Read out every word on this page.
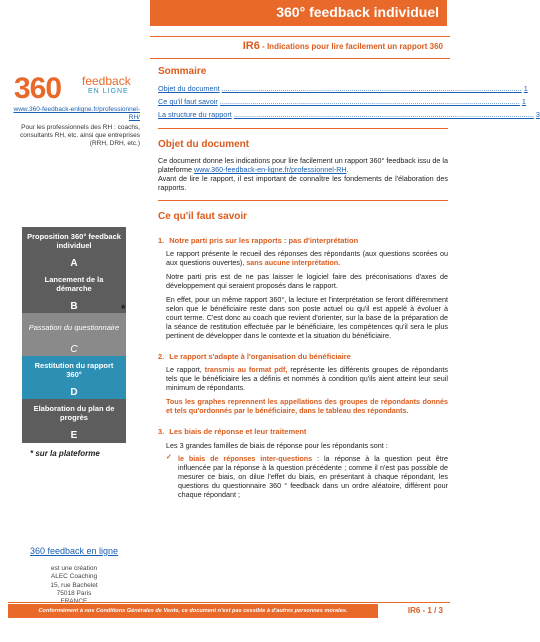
360° feedback individuel
IR6 - Indications pour lire facilement un rapport 360
360 feedback
EN LIGNE
www.360-feedback-enligne.fr/professionnel-RH/
Pour les professionnels des RH : coachs, consultants RH, etc. ainsi que entreprises (RRH, DRH, etc.)
Proposition 360° feedback individuel
A
Lancement de la démarche
B
Passation du questionnaire
C
*
Restitution du rapport 360°
D
Elaboration du plan de progrès
E
* sur la plateforme
360 feedback en ligne
est une création
ALEC Coaching
15, rue Bachelet
75018 Paris
Sommaire
Objet du document .................................................................................................................................................... 1
Ce qu'il faut savoir .................................................................................................................................................... 1
La structure du rapport .................................................................................................................................................... 3
Objet du document

Ce document donne les indications pour lire facilement un rapport 360° feedback issu de la plateforme www.360-feedback-en-ligne.fr/professionnel-RH.

Avant de lire le rapport, il est important de connaître les fondements de l'élaboration des rapports.

Ce qu'il faut savoir
1. Notre parti pris sur les rapports : pas d'interprétation

Le rapport présente le recueil des réponses des répondants (aux questions scorées ou aux questions ouvertes), sans aucune interprétation.

Notre parti pris est de ne pas laisser le logiciel faire des préconisations d'axes de développement qui seraient proposés dans le rapport.

En effet, pour un même rapport 360°, la lecture et l'interprétation se feront différemment selon que le bénéficiaire reste dans son poste actuel ou qu'il est appelé à évoluer à court terme. C'est donc au coach que revient d'orienter, sur la base de la préparation de la séance de restitution effectuée par le bénéficiaire, les compétences qu'il sera le plus pertinent de développer dans le contexte et la situation du bénéficiaire.

2. Le rapport s'adapte à l'organisation du bénéficiaire

Le rapport, transmis au format pdf, représente les différents groupes de répondants tels que le bénéficiaire les a définis et nommés à condition qu'ils aient atteint leur seuil minimum de répondants.

Tous les graphes reprennent les appellations des groupes de répondants donnés et tels qu'ordonnés par le bénéficiaire, dans le tableau des répondants.

3. Les biais de réponse et leur traitement

Les 3 grandes familles de biais de réponse pour les répondants sont :

✓ le biais de réponses inter-questions : la réponse à la question peut être influencée par la réponse à la question précédente ; comme il n'est pas possible de mesurer ce biais, on dilue l'effet du biais, en présentant à chaque répondant, les questions du questionnaire 360 ° feedback dans un ordre aléatoire, différent pour chaque répondant ;

Conformément à nos Conditions Générales de Vente, ce document n'est pas cessible à d'autres personnes morales.	IR6 - 1 / 3
